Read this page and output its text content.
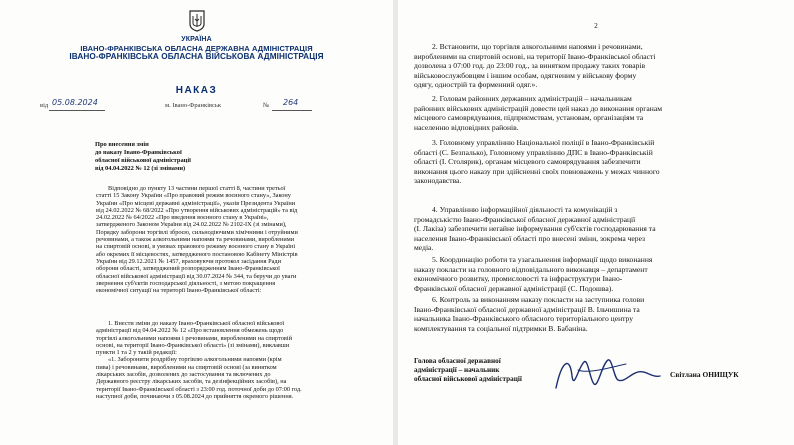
УКРАЇНА
ІВАНО-ФРАНКІВСЬКА ОБЛАСНА ДЕРЖАВНА АДМІНІСТРАЦІЯ
ІВАНО-ФРАНКІВСЬКА ОБЛАСНА ВІЙСЬКОВА АДМІНІСТРАЦІЯ
НАКАЗ
від 05.08.2024	м. Івано-Франківськ	№ 264
Про внесення змін
до наказу Івано-Франківської
обласної військової адміністрації
від 04.04.2022 № 12 (зі змінами)
Відповідно до пункту 13 частини першої статті 8, частини третьої
статті 15 Закону України «Про правовий режим воєнного стану», Закону
України «Про місцеві державні адміністрації», указів Президента України
від 24.02.2022 № 68/2022 «Про утворення військових адміністрацій» та від
24.02.2022 № 64/2022 «Про введення воєнного стану в Україні»,
затвердженого Законом України від 24.02.2022 № 2102-IX (зі змінами),
Порядку заборони торгівлі зброєю, сильнодіючими хімічними і отруйними
речовинами, а також алкогольними напоями та речовинами, виробленими
на спиртовій основі, в умовах правового режиму воєнного стану в Україні
або окремих її місцевостях, затвердженого постановою Кабінету Міністрів
України від 29.12.2021 № 1457, враховуючи протокол засідання Ради
оборони області, затверджений розпорядженням Івано-Франківської
обласної військової адміністрації від 30.07.2024 № 344, та беручи до уваги
звернення суб'єктів господарської діяльності, з метою покращення
економічної ситуації на території Івано-Франківської області:
1. Внести зміни до наказу Івано-Франківської обласної військової
адміністрації від 04.04.2022 № 12 «Про встановлення обмежень щодо
торгівлі алкогольними напоями і речовинами, виробленими на спиртовій
основі, на території Івано-Франківської області» (зі змінами), виклавши
пункти 1 та 2 у такій редакції:
«1. Заборонити роздрібну торгівлю алкогольними напоями (крім
пива) і речовинами, виробленими на спиртовій основі (за винятком
лікарських засобів, дозволених до застосування та включених до
Державного реєстру лікарських засобів, та дезінфекційних засобів), на
території Івано-Франківської області з 23:00 год. поточної доби до 07:00 год.
наступної доби, починаючи з 05.08.2024 до прийняття окремого рішення.
2
2. Встановити, що торгівля алкогольними напоями і речовинами,
виробленими на спиртовій основі, на території Івано-Франківської області
дозволена з 07:00 год. до 23:00 год., за винятком продажу таких товарів
військовослужбовцям і іншим особам, одягненим у військову форму
одягу, однострій та форменний одяг.».
2. Головам районних державних адміністрацій – начальникам
районних військових адміністрацій довести цей наказ до виконання органам
місцевого самоврядування, підприємствам, установам, організаціям та
населенню відповідних районів.
3. Головному управлінню Національної поліції в Івано-Франківській
області (С. Безпалько), Головному управлінню ДПС в Івано-Франківській
області (І. Столярик), органам місцевого самоврядування забезпечити
виконання цього наказу при здійсненні своїх повноважень у межах чинного
законодавства.
4. Управлінню інформаційної діяльності та комунікацій з
громадськістю Івано-Франківської обласної державної адміністрації
(І. Лакіза) забезпечити негайне інформування суб'єктів господарювання та
населення Івано-Франківської області про внесені зміни, зокрема через
медіа.
5. Координацію роботи та узагальнення інформації щодо виконання
наказу покласти на головного відповідального виконавця – департамент
економічного розвитку, промисловості та інфраструктури Івано-
Франківської обласної державної адміністрації (С. Подошва).
6. Контроль за виконанням наказу покласти на заступника голови
Івано-Франківської обласної державної адміністрації В. Ільчишина та
начальника Івано-Франківського обласного територіального центру
комплектування та соціальної підтримки В. Бабаніна.
Голова обласної державної
адміністрації – начальник
обласної військової адміністрації
Світлана ОНИЩУК
